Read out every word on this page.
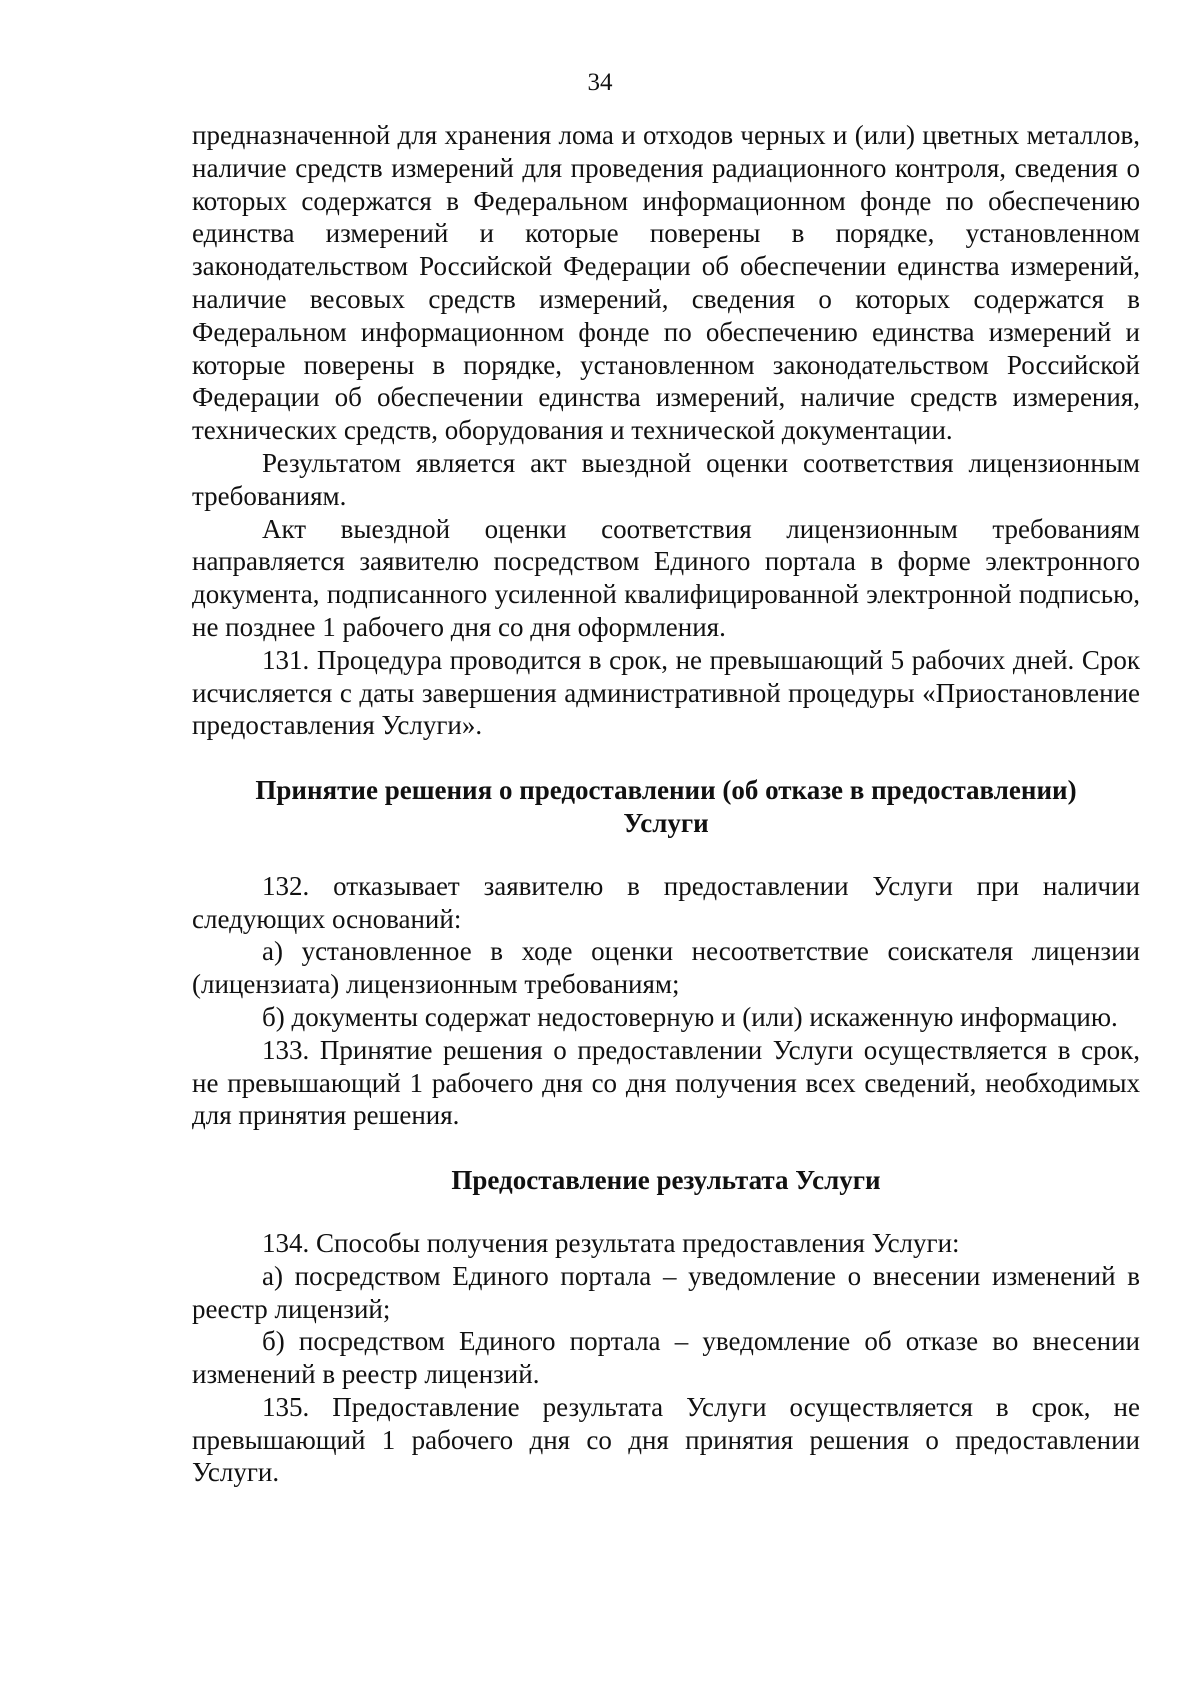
34

предназначенной для хранения лома и отходов черных и (или) цветных металлов, наличие средств измерений для проведения радиационного контроля, сведения о которых содержатся в Федеральном информационном фонде по обеспечению единства измерений и которые поверены в порядке, установленном законодательством Российской Федерации об обеспечении единства измерений, наличие весовых средств измерений, сведения о которых содержатся в Федеральном информационном фонде по обеспечению единства измерений и которые поверены в порядке, установленном законодательством Российской Федерации об обеспечении единства измерений, наличие средств измерения, технических средств, оборудования и технической документации.

Результатом является акт выездной оценки соответствия лицензионным требованиям.

Акт выездной оценки соответствия лицензионным требованиям направляется заявителю посредством Единого портала в форме электронного документа, подписанного усиленной квалифицированной электронной подписью, не позднее 1 рабочего дня со дня оформления.

131. Процедура проводится в срок, не превышающий 5 рабочих дней. Срок исчисляется с даты завершения административной процедуры «Приостановление предоставления Услуги».

Принятие решения о предоставлении (об отказе в предоставлении)
Услуги

132. отказывает заявителю в предоставлении Услуги при наличии следующих оснований:

а) установленное в ходе оценки несоответствие соискателя лицензии (лицензиата) лицензионным требованиям;

б) документы содержат недостоверную и (или) искаженную информацию.

133. Принятие решения о предоставлении Услуги осуществляется в срок, не превышающий 1 рабочего дня со дня получения всех сведений, необходимых для принятия решения.

Предоставление результата Услуги

134. Способы получения результата предоставления Услуги:

а) посредством Единого портала – уведомление о внесении изменений в реестр лицензий;

б) посредством Единого портала – уведомление об отказе во внесении изменений в реестр лицензий.

135. Предоставление результата Услуги осуществляется в срок, не превышающий 1 рабочего дня со дня принятия решения о предоставлении Услуги.
